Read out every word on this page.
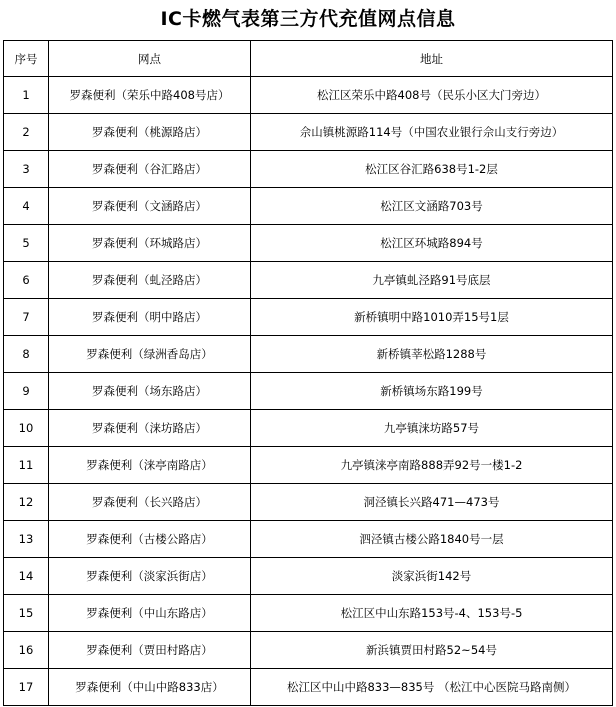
IC卡燃气表第三方代充值网点信息
序号	网点	地址
1	罗森便利（荣乐中路408号店）	松江区荣乐中路408号（民乐小区大门旁边）
2	罗森便利（桃源路店）	佘山镇桃源路114号（中国农业银行佘山支行旁边）
3	罗森便利（谷汇路店）	松江区谷汇路638号1-2层
4	罗森便利（文涵路店）	松江区文涵路703号
5	罗森便利（环城路店）	松江区环城路894号
6	罗森便利（虬泾路店）	九亭镇虬泾路91号底层
7	罗森便利（明中路店）	新桥镇明中路1010弄15号1层
8	罗森便利（绿洲香岛店）	新桥镇莘松路1288号
9	罗森便利（场东路店）	新桥镇场东路199号
10	罗森便利（涞坊路店）	九亭镇涞坊路57号
11	罗森便利（涞亭南路店）	九亭镇涞亭南路888弄92号一楼1-2
12	罗森便利（长兴路店）	洞泾镇长兴路471—473号
13	罗森便利（古楼公路店）	泗泾镇古楼公路1840号一层
14	罗森便利（淡家浜街店）	淡家浜街142号
15	罗森便利（中山东路店）	松江区中山东路153号-4、153号-5
16	罗森便利（贾田村路店）	新浜镇贾田村路52~54号
17	罗森便利（中山中路833店）	松江区中山中路833—835号 （松江中心医院马路南侧）
